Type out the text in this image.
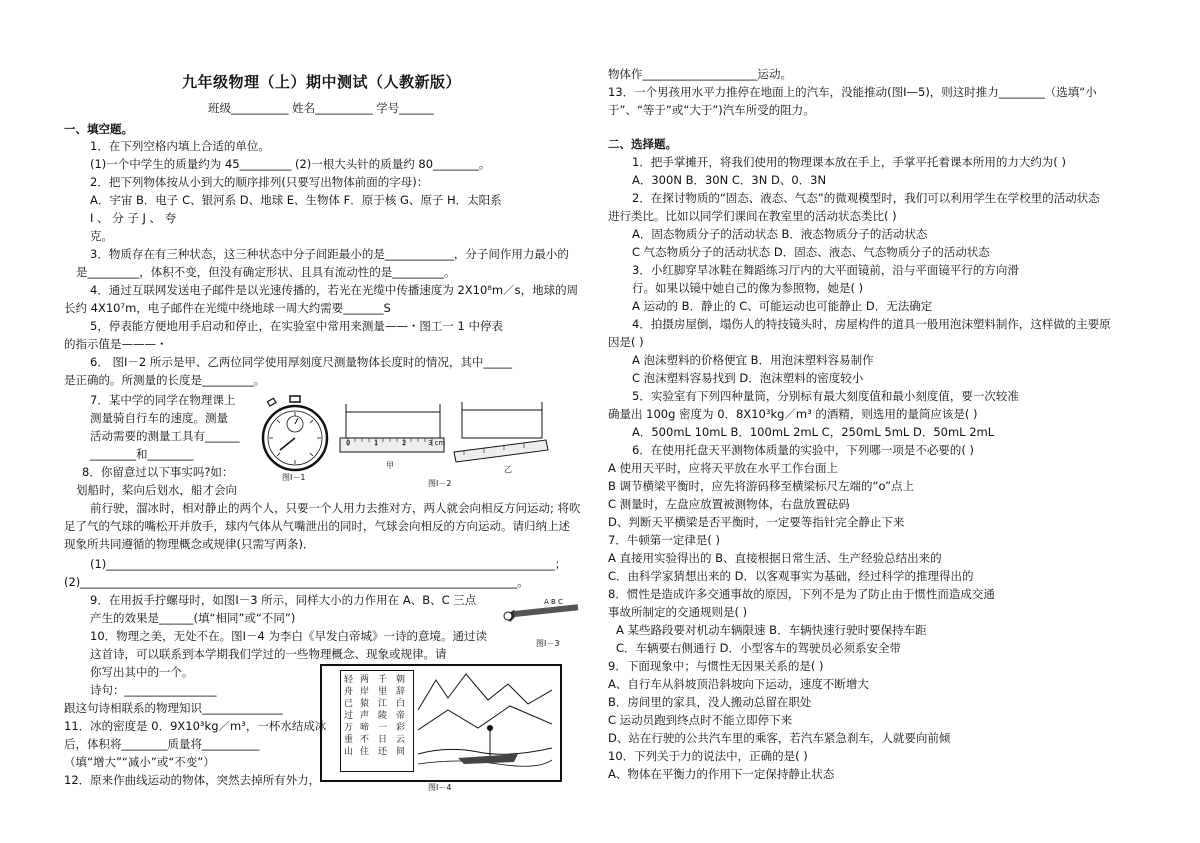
九年级物理（上）期中测试（人教新版）
班级__________ 姓名__________ 学号______
一、填空题。
1．在下列空格内填上合适的单位。
(1)一个中学生的质量约为 45_________ (2)一根大头针的质量约 80________。
2．把下列物体按从小到大的顺序排列(只要写出物体前面的字母)：
A．宇宙 B．电子 C、银河系 D、地球 E、生物体 F．原于核 G、原子 H．太阳系
I 、 分 子 J 、 夸
克。
3．物质存在有三种状态，这三种状态中分子间距最小的是____________，分子间作用力最小的
是_________，体积不变，但没有确定形状、且具有流动性的是_________。
4．通过互联网发送电子邮件是以光速传播的，若光在光缆中传播速度为 2X10⁸m／s，地球的周
长约 4X10⁷m，电子邮件在光缆中绕地球一周大约需要_______S
5，停表能方便地用手启动和停止，在实验室中常用来测量——・图工一 1 中停表
的指示值是———・
6． 图Ⅰ－2 所示是甲、乙两位同学使用厚刻度尺测量物体长度时的情况，其中_____
是正确的。所测量的长度是_________。
7．某中学的同学在物理课上
测量骑自行车的速度。测量
活动需要的测量工具有______
________和________
8．你留意过以下事实吗?如：
划船时，桨向后划水，船才会向
前行驶，溜冰时，相对静止的两个人，只要一个人用力去推对方，两人就会向相反方问运动; 将吹
足了气的气球的嘴松开并放手，球内气体从气嘴泄出的同时，气球会向相反的方向运动。请归纳上述
现象所共同遵循的物理概念或规律(只需写两条)．
(1)______________________________________________________________________________；
(2)____________________________________________________________________________。
9．在用扳手拧螺母时，如图Ⅰ－3 所示，同样大小的力作用在 A、B、C 三点
产生的效果是______(填“相同”或“不同”)
10．物理之美，无处不在。图Ⅰ－4 为李白《早发白帝城》一诗的意境。通过读
这首诗，可以联系到本学期我们学过的一些物理概念、现象或规律。请
你写出其中的一个。
诗句：________________
跟这句诗相联系的物理知识______________
11．冰的密度是 0．9X10³kg／m³，一杯水结成冰
后，体积将________质量将__________
（填“增大”“减小”或“不变”）
12．原来作曲线运动的物体，突然去掉所有外力，
图Ⅰ－1
0	1	2	3 cm
甲	乙
图Ⅰ－2
A B C
图Ⅰ－3
轻舟已过万重山
两岸猿声啼不住
千里江陵一日还
朝辞白帝彩云间
图Ⅰ－4
物体作____________________运动。
13．一个男孩用水平力推停在地面上的汽车，没能推动(图Ⅰ—5)，则这时推力________（选填“小
于”、“等于”或“大于”)汽车所受的阻力。
二、选择题。
1．把手掌摊开，将我们使用的物理课本放在手上，手掌平托着课本所用的力大约为( )
A．300N B．30N C．3N D、0．3N
2．在探讨物质的“固态、液态、气态”的微观模型时，我们可以利用学生在学校里的活动状态
进行类比。比如以同学们课间在教室里的活动状态类比( )
A．固态物质分子的活动状态 B．液态物质分子的活动状态
C 气态物质分子的活动状态 D．固态、液态、气态物质分子的活动状态
3．小红脚穿旱冰鞋在舞蹈练习厅内的大平面镜前，沿与平面镜平行的方向滑
行。如果以镜中她自己的像为参照物，她是( )
A 运动的 B．静止的 C、可能运动也可能静止 D．无法确定
4．拍摄房屋倒，塌伤人的特技镜头时，房屋构件的道具一般用泡沫塑料制作，这样做的主要原
因是( )
A 泡沫塑料的价格便宜 B．用泡沫塑料容易制作
C 泡沫塑料容易找到 D．泡沫塑料的密度较小
5．实验室有下列四种量筒，分别标有最大刻度值和最小刻度值，要一次较准
确量出 100g 密度为 0．8X10³kg／m³ 的酒精，则选用的量筒应该是( )
A．500mL 10mL B．100mL 2mL C，250mL 5mL D．50mL 2mL
6．在使用托盘天平测物体质量的实验中，下列哪一项是不必要的( )
A 使用天平时，应将天平放在水平工作台面上
B 调节横梁平衡时，应先将游码移至横梁标尺左端的“o”点上
C 测量时，左盘应放置被测物体，右盘放置砝码
D、判断天平横梁是否平衡时，一定要等指针完全静止下来
7．牛顿第一定律是( )
A 直接用实验得出的 B、直接根据日常生活、生产经验总结出来的
C．由科学家猜想出来的 D．以客观事实为基础，经过科学的推理得出的
8．惯性是造成许多交通事故的原因，下列不是为了防止由于惯性而造成交通
事故所制定的交通规则是( )
A 某些路段要对机动车辆限速 B．车辆快速行驶时要保持车距
C．车辆要右侧通行 D．小型客车的驾驶员必须系安全带
9．下面现象中；与惯性无因果关系的是( )
A、自行车从斜坡顶沿斜坡向下运动，速度不断增大
B．房间里的家具，没人搬动总留在职处
C 运动员跑到终点时不能立即停下来
D、站在行驶的公共汽车里的乘客，若汽车紧急刹车，人就要向前倾
10．下列关于力的说法中，正确的是( )
A、物体在平衡力的作用下一定保持静止状态
